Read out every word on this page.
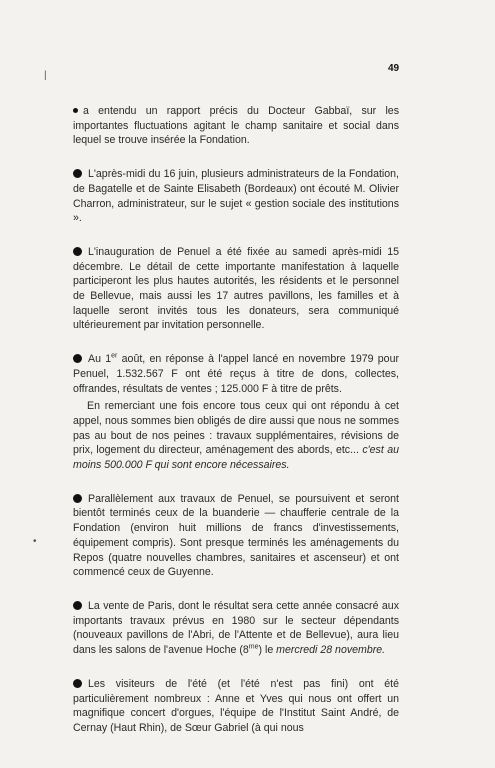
49
|
•

a entendu un rapport précis du Docteur Gabbaï, sur les importantes fluctuations agitant le champ sanitaire et social dans lequel se trouve insérée la Fondation.

L'après-midi du 16 juin, plusieurs administrateurs de la Fondation, de Bagatelle et de Sainte Elisabeth (Bordeaux) ont écouté M. Olivier Charron, administrateur, sur le sujet « gestion sociale des institutions ».

L'inauguration de Penuel a été fixée au samedi après-midi 15 décembre. Le détail de cette importante manifestation à laquelle participeront les plus hautes autorités, les résidents et le personnel de Bellevue, mais aussi les 17 autres pavillons, les familles et à laquelle seront invités tous les donateurs, sera communiqué ultérieurement par invitation personnelle.

Au 1er août, en réponse à l'appel lancé en novembre 1979 pour Penuel, 1.532.567 F ont été reçus à titre de dons, collectes, offrandes, résultats de ventes ; 125.000 F à titre de prêts.

En remerciant une fois encore tous ceux qui ont répondu à cet appel, nous sommes bien obligés de dire aussi que nous ne sommes pas au bout de nos peines : travaux supplémentaires, révisions de prix, logement du directeur, aménagement des abords, etc... c'est au moins 500.000 F qui sont encore nécessaires.

Parallèlement aux travaux de Penuel, se poursuivent et seront bientôt terminés ceux de la buanderie — chaufferie centrale de la Fondation (environ huit millions de francs d'investissements, équipement compris). Sont presque terminés les aménagements du Repos (quatre nouvelles chambres, sanitaires et ascenseur) et ont commencé ceux de Guyenne.

La vente de Paris, dont le résultat sera cette année consacré aux importants travaux prévus en 1980 sur le secteur dépendants (nouveaux pavillons de l'Abri, de l'Attente et de Bellevue), aura lieu dans les salons de l'avenue Hoche $(8^{me})$ le mercredi 28 novembre.

Les visiteurs de l'été (et l'été n'est pas fini) ont été particulièrement nombreux : Anne et Yves qui nous ont offert un magnifique concert d'orgues, l'équipe de l'Institut Saint André, de Cernay (Haut Rhin), de Sœur Gabriel (à qui nous
